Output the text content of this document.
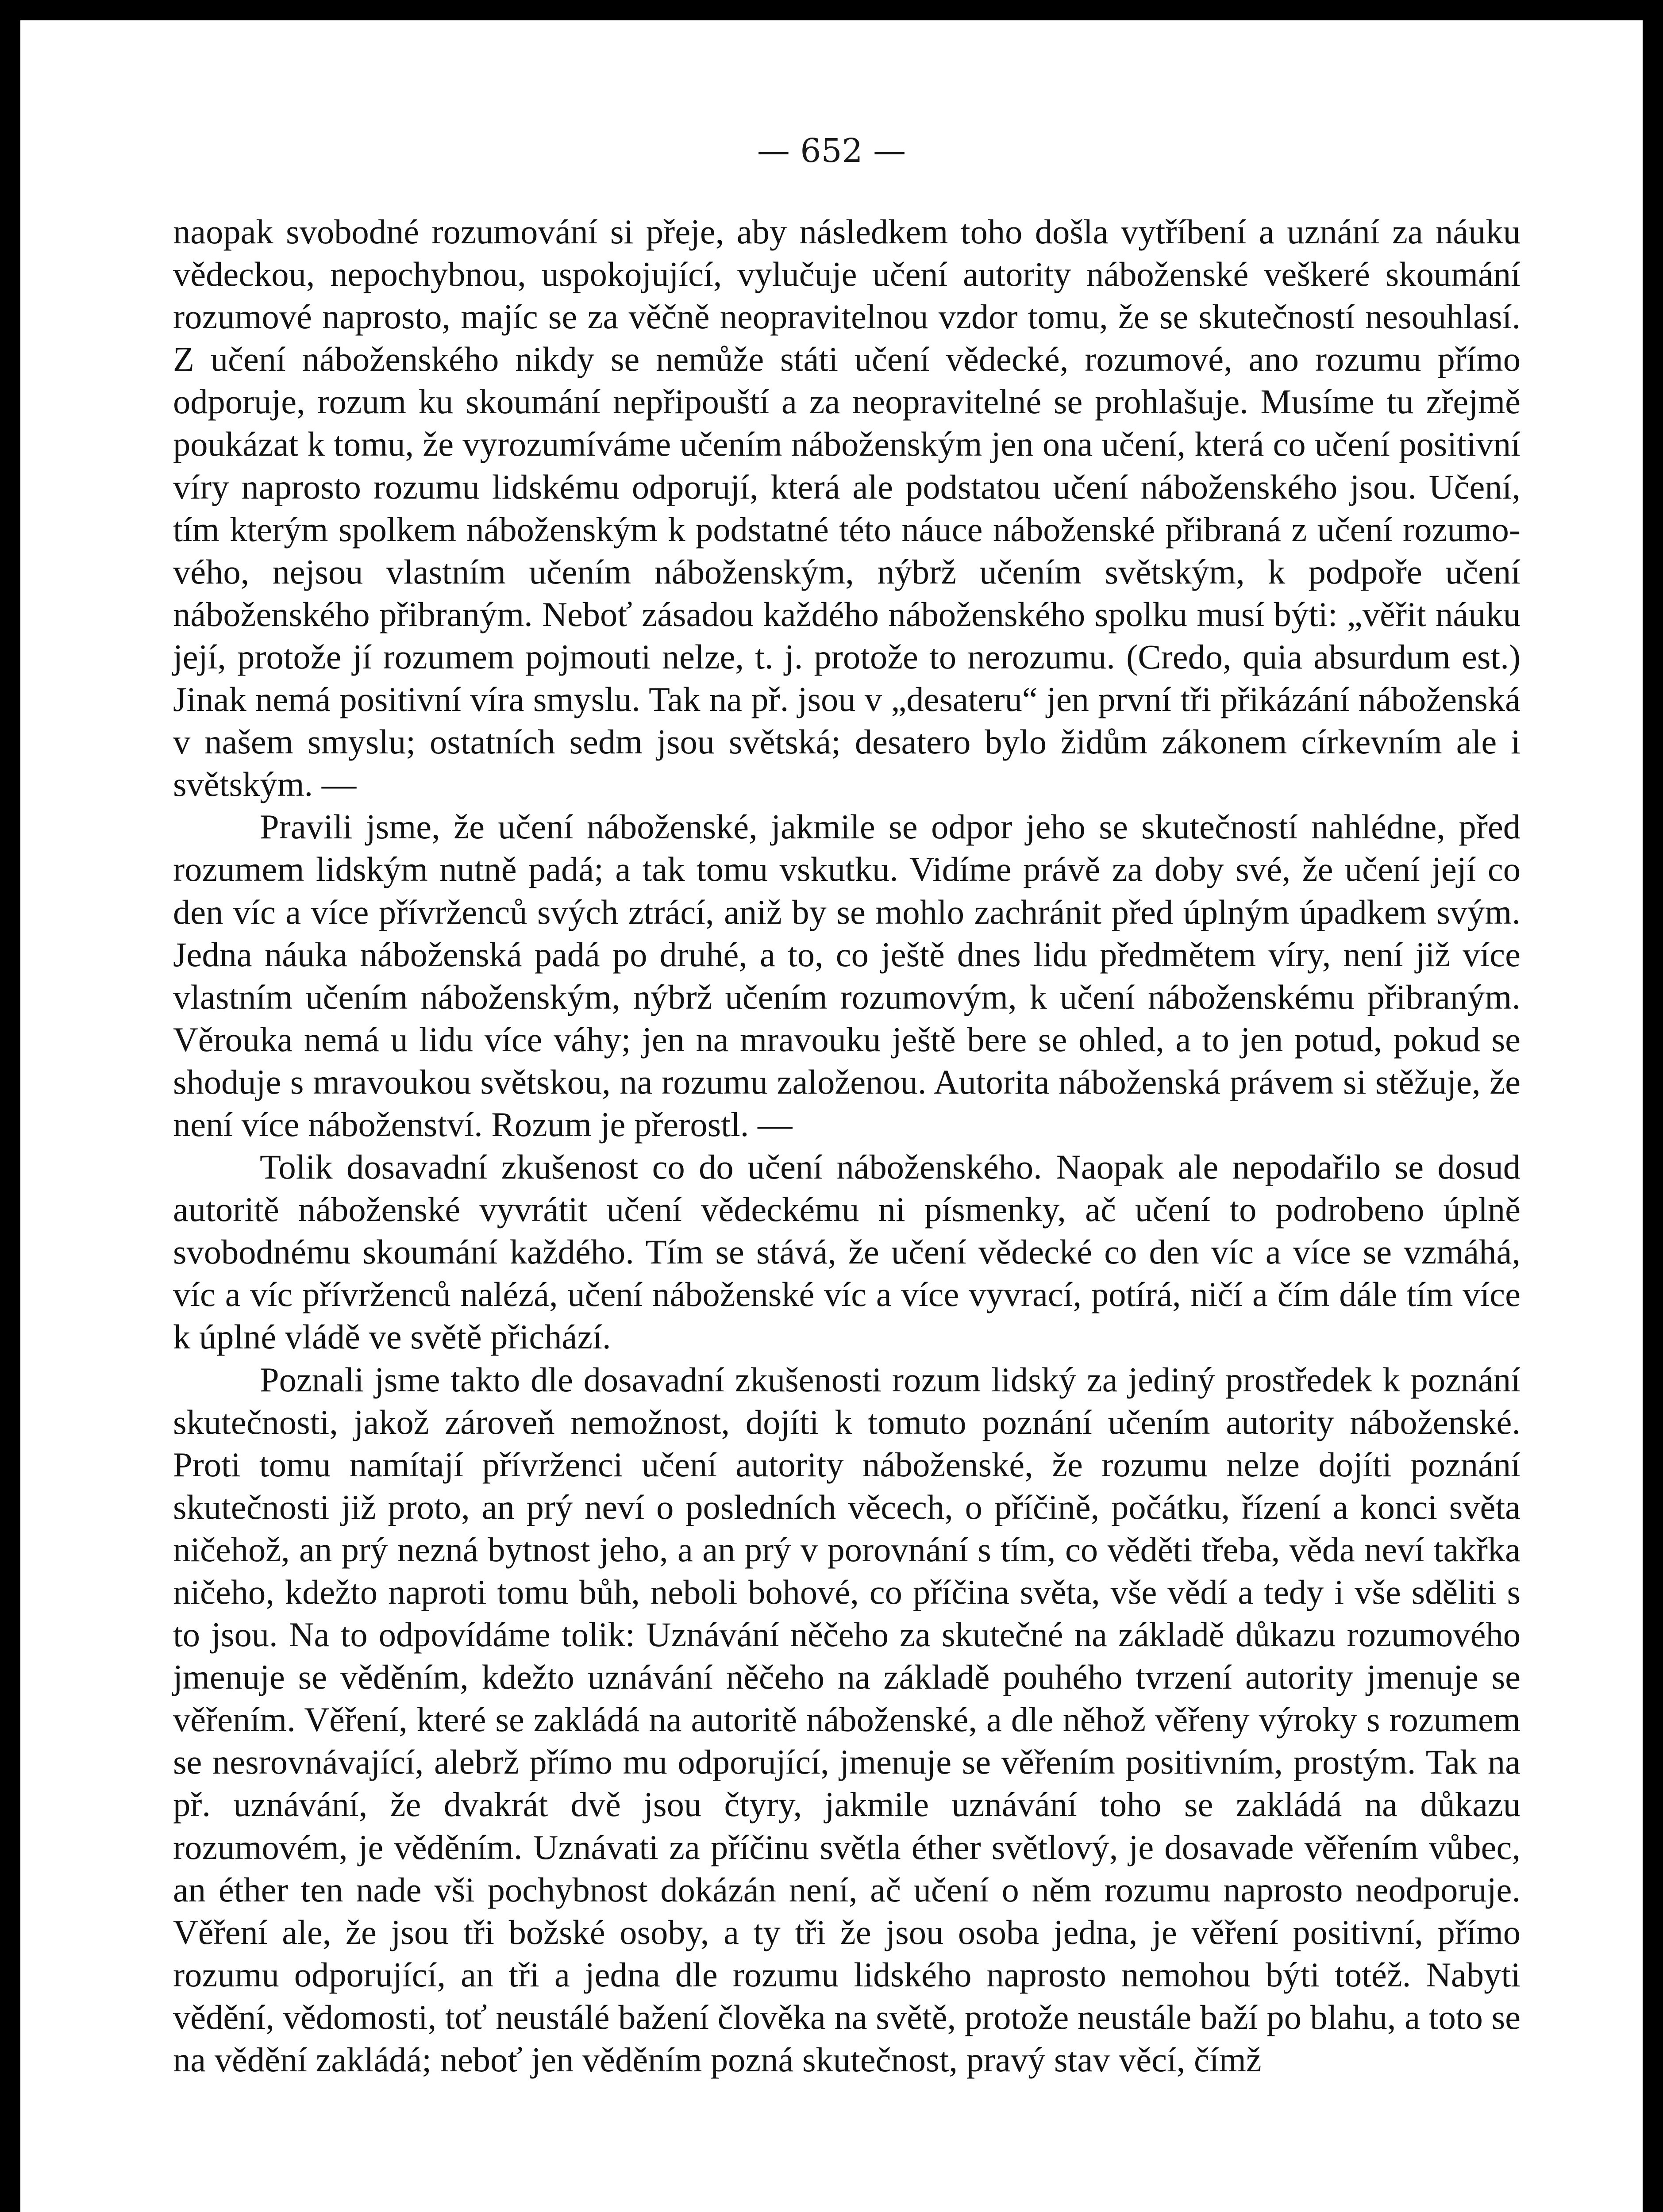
— 652 —

naopak svobodné rozumování si přeje, aby následkem toho došla vytříbení a uznání za náuku vědeckou, nepochybnou, uspokojující, vylučuje učení autority náboženské veškeré skoumání rozumové naprosto, majíc se za věčně neopravitelnou vzdor tomu, že se skutečností nesouhlasí. Z učení náboženského nikdy se nemůže státi učení vědecké, rozumové, ano rozumu přímo odporuje, rozum ku skoumání nepřipouští a za neopravitelné se prohlašuje. Musíme tu zřejmě poukázat k tomu, že vyrozumíváme učením náboženským jen ona učení, která co učení positivní víry naprosto rozumu lidskému odporují, která ale podstatou učení náboženského jsou. Učení, tím kterým spolkem náboženským k podstatné této náuce náboženské přibraná z učení rozumového, nejsou vlastním učením náboženským, nýbrž učením světským, k podpoře učení náboženského přibraným. Neboť zásadou každého náboženského spolku musí býti: „věřit náuku její, protože jí rozumem pojmouti nelze, t. j. protože to nerozumu. (Credo, quia absurdum est.) Jinak nemá positivní víra smyslu. Tak na př. jsou v „desateru“ jen první tři přikázání náboženská v našem smyslu; ostatních sedm jsou světská; desatero bylo židům zákonem církevním ale i světským. —

Pravili jsme, že učení náboženské, jakmile se odpor jeho se skutečností nahlédne, před rozumem lidským nutně padá; a tak tomu vskutku. Vidíme právě za doby své, že učení její co den víc a více přívrženců svých ztrácí, aniž by se mohlo zachránit před úplným úpadkem svým. Jedna náuka náboženská padá po druhé, a to, co ještě dnes lidu předmětem víry, není již více vlastním učením náboženským, nýbrž učením rozumovým, k učení náboženskému přibraným. Věrouka nemá u lidu více váhy; jen na mravouku ještě bere se ohled, a to jen potud, pokud se shoduje s mravoukou světskou, na rozumu založenou. Autorita náboženská právem si stěžuje, že není více náboženství. Rozum je přerostl. —

Tolik dosavadní zkušenost co do učení náboženského. Naopak ale nepodařilo se dosud autoritě náboženské vyvrátit učení vědeckému ni písmenky, ač učení to podrobeno úplně svobodnému skoumání každého. Tím se stává, že učení vědecké co den víc a více se vzmáhá, víc a víc přívrženců nalézá, učení náboženské víc a více vyvrací, potírá, ničí a čím dále tím více k úplné vládě ve světě přichází.

Poznali jsme takto dle dosavadní zkušenosti rozum lidský za jediný prostředek k poznání skutečnosti, jakož zároveň nemožnost, dojíti k tomuto poznání učením autority náboženské. Proti tomu namítají přívrženci učení autority náboženské, že rozumu nelze dojíti poznání skutečnosti již proto, an prý neví o posledních věcech, o příčině, počátku, řízení a konci světa ničehož, an prý nezná bytnost jeho, a an prý v porovnání s tím, co věděti třeba, věda neví takřka ničeho, kdežto naproti tomu bůh, neboli bohové, co příčina světa, vše vědí a tedy i vše sděliti s to jsou. Na to odpovídáme tolik: Uznávání něčeho za skutečné na základě důkazu rozumového jmenuje se věděním, kdežto uznávání něčeho na základě pouhého tvrzení autority jmenuje se věřením. Věření, které se zakládá na autoritě náboženské, a dle něhož věřeny výroky s rozumem se nesrovnávající, alebrž přímo mu odporující, jmenuje se věřením positivním, prostým. Tak na př. uznávání, že dvakrát dvě jsou čtyry, jakmile uznávání toho se zakládá na důkazu rozumovém, je věděním. Uznávati za příčinu světla éther světlový, je dosavade věřením vůbec, an éther ten nade vši pochybnost dokázán není, ač učení o něm rozumu naprosto neodporuje. Věření ale, že jsou tři božské osoby, a ty tři že jsou osoba jedna, je věření positivní, přímo rozumu odporující, an tři a jedna dle rozumu lidského naprosto nemohou býti totéž. Nabyti vědění, vědomosti, toť neustálé bažení člověka na světě, protože neustále baží po blahu, a toto se na vědění zakládá; neboť jen věděním pozná skutečnost, pravý stav věcí, čímž
